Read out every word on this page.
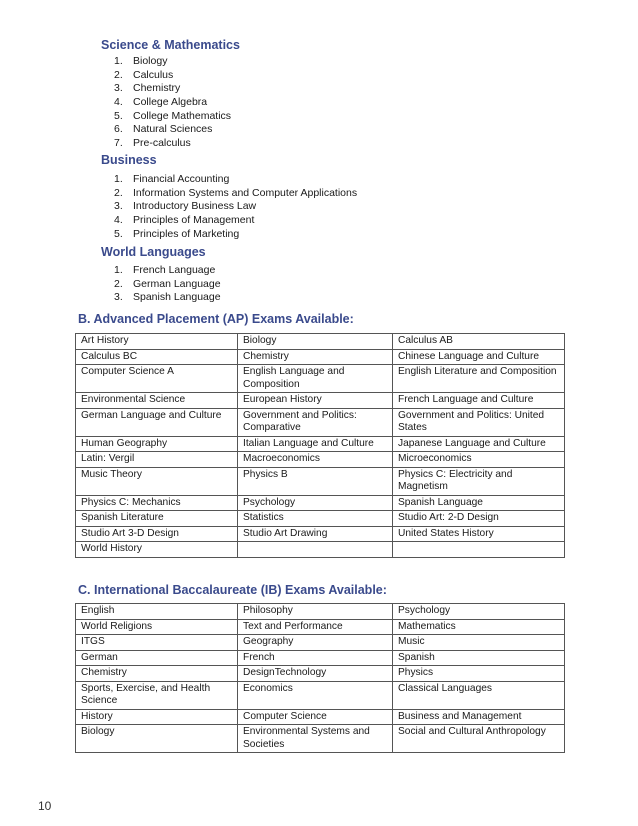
Science & Mathematics
1. Biology
2. Calculus
3. Chemistry
4. College Algebra
5. College Mathematics
6. Natural Sciences
7. Pre-calculus
Business
1. Financial Accounting
2. Information Systems and Computer Applications
3. Introductory Business Law
4. Principles of Management
5. Principles of Marketing
World Languages
1. French Language
2. German Language
3. Spanish Language
B. Advanced Placement (AP) Exams Available:
Art History	Biology	Calculus AB
Calculus BC	Chemistry	Chinese Language and Culture
Computer Science A	English Language and Composition	English Literature and Composition
Environmental Science	European History	French Language and Culture
German Language and Culture	Government and Politics: Comparative	Government and Politics: United States
Human Geography	Italian Language and Culture	Japanese Language and Culture
Latin: Vergil	Macroeconomics	Microeconomics
Music Theory	Physics B	Physics C: Electricity and Magnetism
Physics C: Mechanics	Psychology	Spanish Language
Spanish Literature	Statistics	Studio Art: 2-D Design
Studio Art 3-D Design	Studio Art Drawing	United States History
World History		
C. International Baccalaureate (IB) Exams Available:
English	Philosophy	Psychology
World Religions	Text and Performance	Mathematics
ITGS	Geography	Music
German	French	Spanish
Chemistry	DesignTechnology	Physics
Sports, Exercise, and Health Science	Economics	Classical Languages
History	Computer Science	Business and Management
Biology	Environmental Systems and Societies	Social and Cultural Anthropology
10
